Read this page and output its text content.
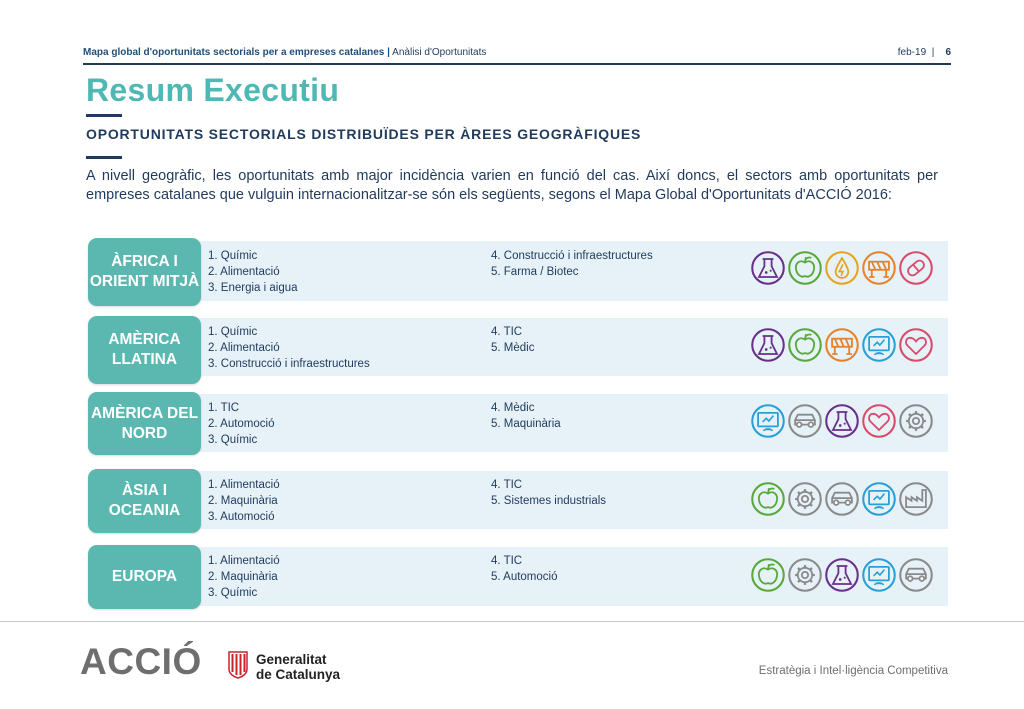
Mapa global d'oportunitats sectorials per a empreses catalanes | Anàlisi d'Oportunitats	feb-19 | 6
Resum Executiu
OPORTUNITATS SECTORIALS DISTRIBUÏDES PER ÀREES GEOGRÀFIQUES
A nivell geogràfic, les oportunitats amb major incidència varien en funció del cas. Així doncs, el sectors amb oportunitats per empreses catalanes que vulguin internacionalitzar-se són els següents, segons el Mapa Global d'Oportunitats d'ACCIÓ 2016:
ÀFRICA I ORIENT MITJÀ
1. Químic
2. Alimentació
3. Energia i aigua
4. Construcció i infraestructures
5. Farma / Biotec
AMÈRICA LLATINA
1. Químic
2. Alimentació
3. Construcció i infraestructures
4. TIC
5. Mèdic
AMÈRICA DEL NORD
1. TIC
2. Automoció
3. Químic
4. Mèdic
5. Maquinària
ÀSIA I OCEANIA
1. Alimentació
2. Maquinària
3. Automoció
4. TIC
5. Sistemes industrials
EUROPA
1. Alimentació
2. Maquinària
3. Químic
4. TIC
5. Automoció
ACCIÓ	Generalitat
de Catalunya	Estratègia i Intel·ligència Competitiva
